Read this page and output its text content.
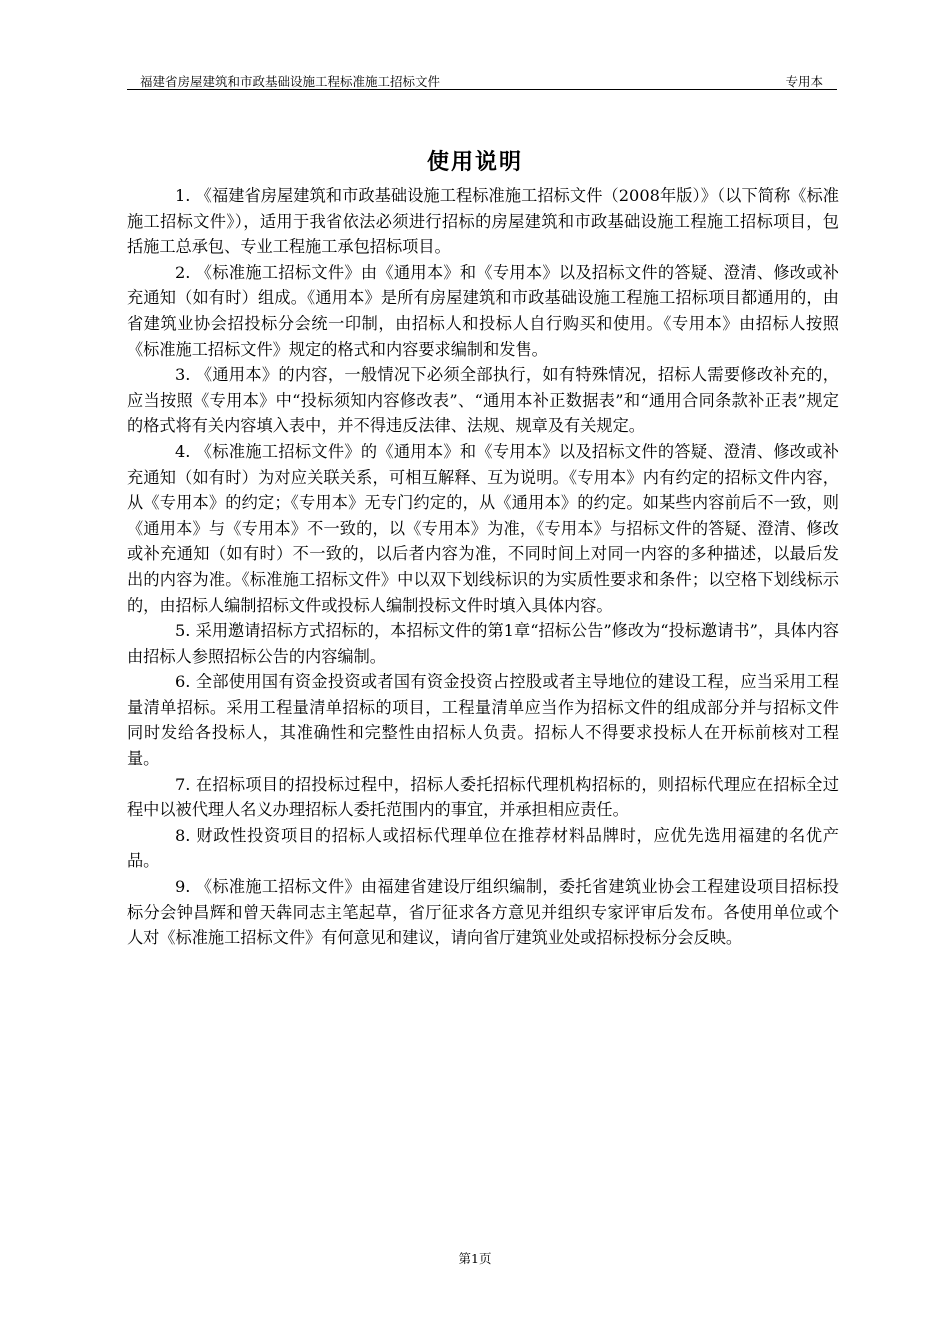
福建省房屋建筑和市政基础设施工程标准施工招标文件	专用本
使用说明

1. 《福建省房屋建筑和市政基础设施工程标准施工招标文件（2008年版）》（以下简称《标准施工招标文件》），适用于我省依法必须进行招标的房屋建筑和市政基础设施工程施工招标项目，包括施工总承包、专业工程施工承包招标项目。

2. 《标准施工招标文件》由《通用本》和《专用本》以及招标文件的答疑、澄清、修改或补充通知（如有时）组成。《通用本》是所有房屋建筑和市政基础设施工程施工招标项目都通用的，由省建筑业协会招投标分会统一印制，由招标人和投标人自行购买和使用。《专用本》由招标人按照《标准施工招标文件》规定的格式和内容要求编制和发售。

3. 《通用本》的内容，一般情况下必须全部执行，如有特殊情况，招标人需要修改补充的，应当按照《专用本》中“投标须知内容修改表”、“通用本补正数据表”和“通用合同条款补正表”规定的格式将有关内容填入表中，并不得违反法律、法规、规章及有关规定。

4. 《标准施工招标文件》的《通用本》和《专用本》以及招标文件的答疑、澄清、修改或补充通知（如有时）为对应关联关系，可相互解释、互为说明。《专用本》内有约定的招标文件内容，从《专用本》的约定；《专用本》无专门约定的，从《通用本》的约定。如某些内容前后不一致，则《通用本》与《专用本》不一致的，以《专用本》为准，《专用本》与招标文件的答疑、澄清、修改或补充通知（如有时）不一致的，以后者内容为准，不同时间上对同一内容的多种描述，以最后发出的内容为准。《标准施工招标文件》中以双下划线标识的为实质性要求和条件；以空格下划线标示的，由招标人编制招标文件或投标人编制投标文件时填入具体内容。

5. 采用邀请招标方式招标的，本招标文件的第1章“招标公告”修改为“投标邀请书”，具体内容由招标人参照招标公告的内容编制。

6. 全部使用国有资金投资或者国有资金投资占控股或者主导地位的建设工程，应当采用工程量清单招标。采用工程量清单招标的项目，工程量清单应当作为招标文件的组成部分并与招标文件同时发给各投标人，其准确性和完整性由招标人负责。招标人不得要求投标人在开标前核对工程量。

7. 在招标项目的招投标过程中，招标人委托招标代理机构招标的，则招标代理应在招标全过程中以被代理人名义办理招标人委托范围内的事宜，并承担相应责任。

8. 财政性投资项目的招标人或招标代理单位在推荐材料品牌时，应优先选用福建的名优产品。

9. 《标准施工招标文件》由福建省建设厅组织编制，委托省建筑业协会工程建设项目招标投标分会钟昌辉和曾天犇同志主笔起草，省厅征求各方意见并组织专家评审后发布。各使用单位或个人对《标准施工招标文件》有何意见和建议，请向省厅建筑业处或招标投标分会反映。

第1页
